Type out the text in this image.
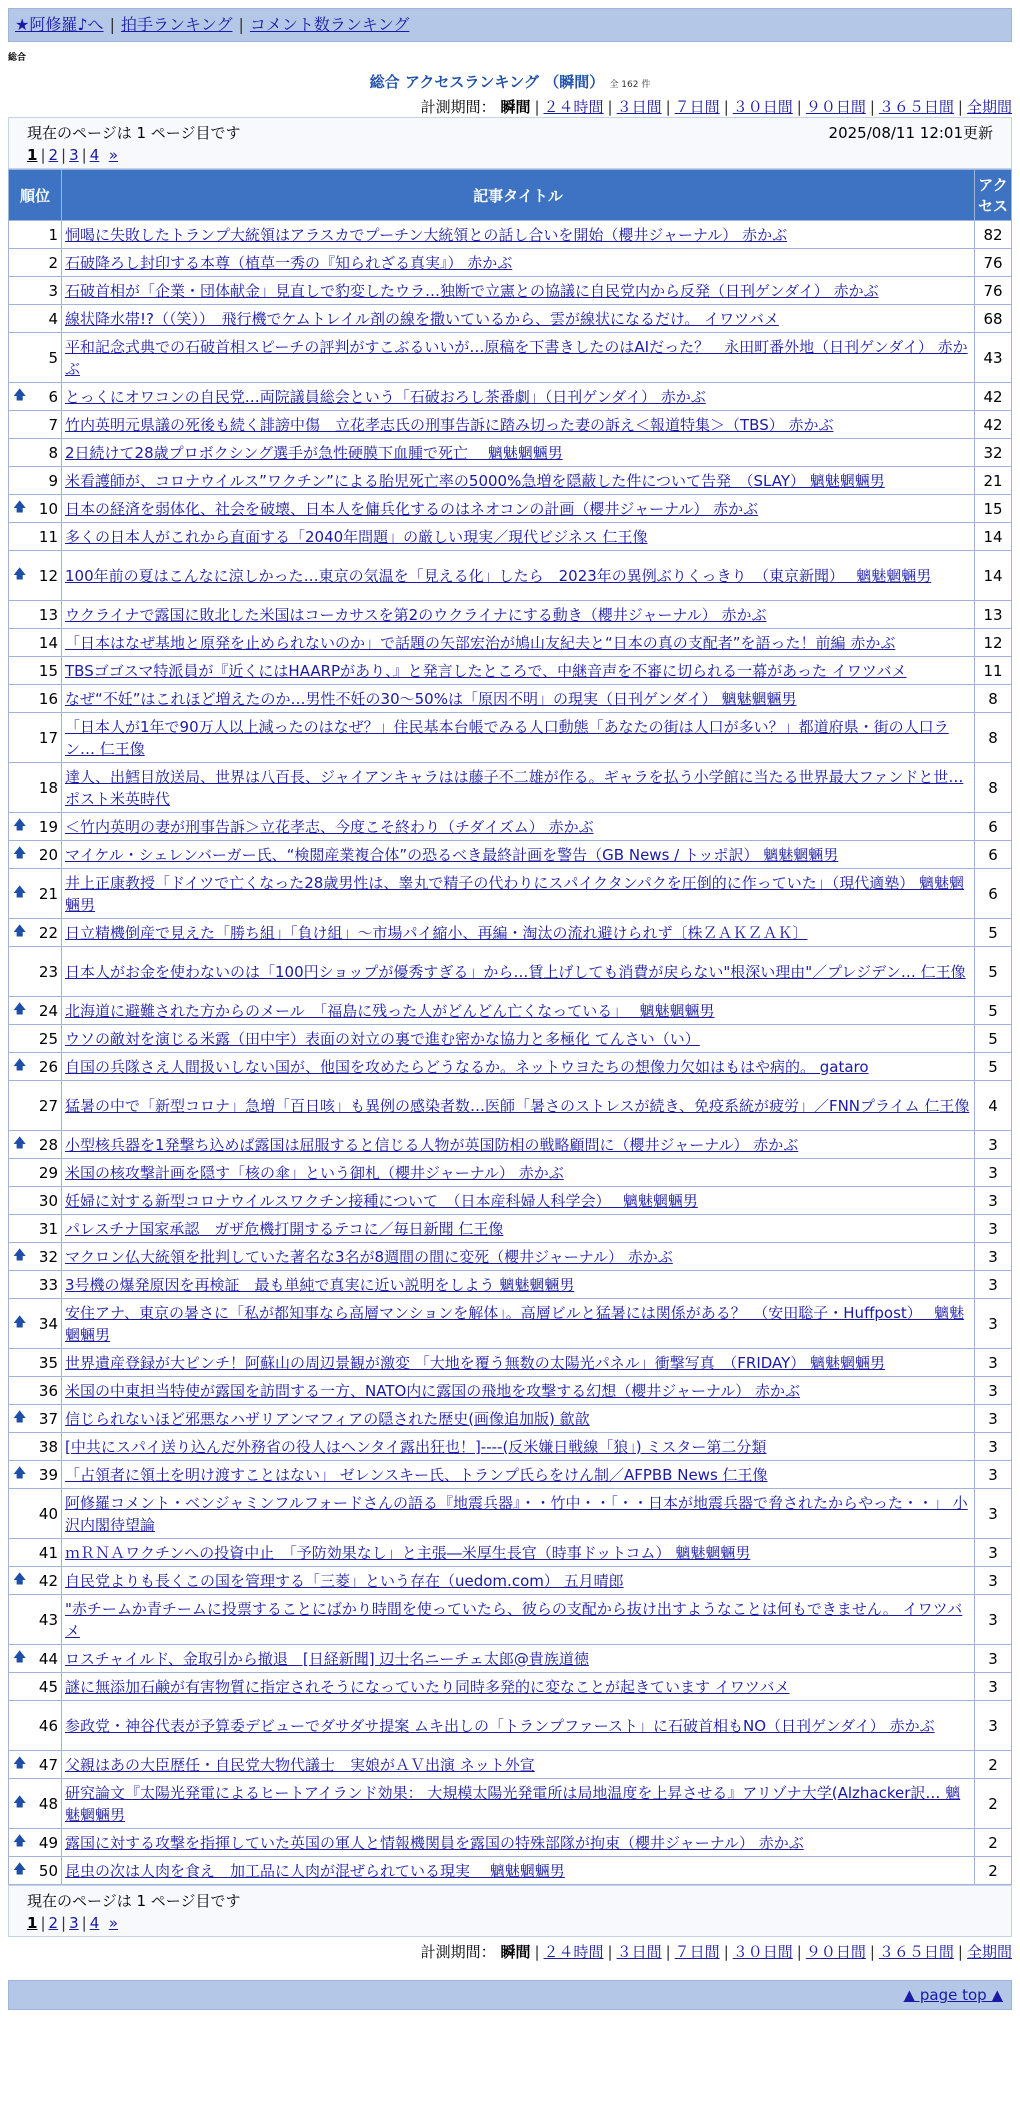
★阿修羅♪へ | 拍手ランキング | コメント数ランキング
総合
総合 アクセスランキング （瞬間） 全 162 件
計測期間： 瞬間 | ２４時間 | ３日間 | ７日間 | ３０日間 | ９０日間 | ３６５日間 | 全期間
現在のページは 1 ページ目です	2025/08/11 12:01更新
1 | 2 | 3 | 4 »
順位	記事タイトル	アクセス
1	恫喝に失敗したトランプ大統領はアラスカでプーチン大統領との話し合いを開始（櫻井ジャーナル） 赤かぶ	82
2	石破降ろし封印する本尊（植草一秀の『知られざる真実』） 赤かぶ	76
3	石破首相が「企業・団体献金」見直しで豹変したウラ…独断で立憲との協議に自民党内から反発（日刊ゲンダイ） 赤かぶ	76
4	線状降水帯!?（（笑））　飛行機でケムトレイル剤の線を撒いているから、雲が線状になるだけ。 イワツバメ	68
5	平和記念式典での石破首相スピーチの評判がすこぶるいいが…原稿を下書きしたのはAIだった？　永田町番外地（日刊ゲンダイ） 赤かぶ	43

🡅 6	とっくにオワコンの自民党…両院議員総会という「石破おろし茶番劇」（日刊ゲンダイ） 赤かぶ	42
7	竹内英明元県議の死後も続く誹謗中傷　立花孝志氏の刑事告訴に踏み切った妻の訴え＜報道特集＞（TBS） 赤かぶ	42
8	2日続けて28歳プロボクシング選手が急性硬膜下血腫で死亡　 魑魅魍魎男	32
9	米看護師が、コロナウイルス”ワクチン”による胎児死亡率の5000%急増を隠蔽した件について告発　（SLAY） 魑魅魍魎男	21

🡅 10	日本の経済を弱体化、社会を破壊、日本人を傭兵化するのはネオコンの計画（櫻井ジャーナル） 赤かぶ	15
11	多くの日本人がこれから直面する「2040年問題」の厳しい現実／現代ビジネス 仁王像	14

🡅 12	100年前の夏はこんなに涼しかった…東京の気温を「見える化」したら　2023年の異例ぶりくっきり　（東京新聞）　 魑魅魍魎男	14
13	ウクライナで露国に敗北した米国はコーカサスを第2のウクライナにする動き（櫻井ジャーナル） 赤かぶ	13
14	「日本はなぜ基地と原発を止められないのか」で話題の矢部宏治が鳩山友紀夫と“日本の真の支配者”を語った！前編 赤かぶ	12
15	TBSゴゴスマ特派員が『近くにはHAARPがあり、』と発言したところで、中継音声を不審に切られる一幕があった イワツバメ	11
16	なぜ“不妊”はこれほど増えたのか…男性不妊の30～50%は「原因不明」の現実（日刊ゲンダイ） 魑魅魍魎男	8
17	「日本人が1年で90万人以上減ったのはなぜ？」住民基本台帳でみる人口動態「あなたの街は人口が多い？」都道府県・街の人口ラン… 仁王像	8
18	達人、出鱈目放送局、世界は八百長、ジャイアンキャラはは藤子不二雄が作る。ギャラを払う小学館に当たる世界最大ファンドと世… ポスト米英時代	8

🡅 19	＜竹内英明の妻が刑事告訴＞立花孝志、今度こそ終わり（チダイズム） 赤かぶ	6

🡅 20	マイケル・シェレンバーガー氏、“検閲産業複合体”の恐るべき最終計画を警告（GB News / トッポ訳） 魑魅魍魎男	6

🡅 21	井上正康教授「ドイツで亡くなった28歳男性は、睾丸で精子の代わりにスパイクタンパクを圧倒的に作っていた」（現代適塾） 魑魅魍魎男	6

🡅 22	日立精機倒産で見えた「勝ち組」「負け組」～市場パイ縮小、再編・淘汰の流れ避けられず〔株ＺＡＫＺＡＫ〕	5
23	日本人がお金を使わないのは「100円ショップが優秀すぎる」から…賃上げしても消費が戻らない"根深い理由"／プレジデン… 仁王像	5

🡅 24	北海道に避難された方からのメール　「福島に残った人がどんどん亡くなっている」　 魑魅魍魎男	5
25	ウソの敵対を演じる米露（田中宇）表面の対立の裏で進む密かな協力と多極化 てんさい（い）	5

🡅 26	自国の兵隊さえ人間扱いしない国が、他国を攻めたらどうなるか。ネットウヨたちの想像力欠如はもはや病的。 gataro	5
27	猛暑の中で「新型コロナ」急増「百日咳」も異例の感染者数…医師「暑さのストレスが続き、免疫系統が疲労」／FNNプライム 仁王像	4

🡅 28	小型核兵器を1発撃ち込めば露国は屈服すると信じる人物が英国防相の戦略顧問に（櫻井ジャーナル） 赤かぶ	3
29	米国の核攻撃計画を隠す「核の傘」という御札（櫻井ジャーナル） 赤かぶ	3
30	妊婦に対する新型コロナウイルスワクチン接種について　（日本産科婦人科学会）　 魑魅魍魎男	3
31	パレスチナ国家承認　ガザ危機打開するテコに／毎日新聞 仁王像	3

🡅 32	マクロン仏大統領を批判していた著名な3名が8週間の間に変死（櫻井ジャーナル） 赤かぶ	3
33	3号機の爆発原因を再検証　最も単純で真実に近い説明をしよう 魑魅魍魎男	3

🡅 34	安住アナ、東京の暑さに「私が都知事なら高層マンションを解体」。高層ビルと猛暑には関係がある？　（安田聡子・Huffpost）　 魑魅魍魎男	3
35	世界遺産登録が大ピンチ！阿蘇山の周辺景観が激変 「大地を覆う無数の太陽光パネル」衝撃写真　（FRIDAY） 魑魅魍魎男	3
36	米国の中東担当特使が露国を訪問する一方、NATO内に露国の飛地を攻撃する幻想（櫻井ジャーナル） 赤かぶ	3

🡅 37	信じられないほど邪悪なハザリアンマフィアの隠された歴史(画像追加版) 歙歆	3
38	[中共にスパイ送り込んだ外務省の役人はヘンタイ露出狂也！]----(反米嫌日戦線「狼」) ミスター第二分類	3

🡅 39	「占領者に領土を明け渡すことはない」 ゼレンスキー氏、トランプ氏らをけん制／AFPBB News 仁王像	3
40	阿修羅コメント・ベンジャミンフルフォードさんの語る『地震兵器』・・竹中・・「・・日本が地震兵器で脅されたからやった・・」 小沢内閣待望論	3
41	ｍＲＮＡワクチンへの投資中止　「予防効果なし」と主張―米厚生長官（時事ドットコム） 魑魅魍魎男	3

🡅 42	自民党よりも長くこの国を管理する「三菱」という存在（uedom.com） 五月晴郎	3
43	"赤チームか青チームに投票することにばかり時間を使っていたら、彼らの支配から抜け出すようなことは何もできません。 イワツバメ	3

🡅 44	ロスチャイルド、金取引から撤退　[日経新聞] 辺士名ニーチェ太郎@貴族道徳	3
45	謎に無添加石鹸が有害物質に指定されそうになっていたり同時多発的に変なことが起きています イワツバメ	3
46	参政党・神谷代表が予算委デビューでダサダサ提案 ムキ出しの「トランプファースト」に石破首相もNO（日刊ゲンダイ） 赤かぶ	3

🡅 47	父親はあの大臣歴任・自民党大物代議士　実娘がＡＶ出演 ネット外宣	2

🡅 48	研究論文『太陽光発電によるヒートアイランド効果： 大規模太陽光発電所は局地温度を上昇させる』アリゾナ大学(Alzhacker訳… 魑魅魍魎男	2

🡅 49	露国に対する攻撃を指揮していた英国の軍人と情報機関員を露国の特殊部隊が拘束（櫻井ジャーナル） 赤かぶ	2

🡅 50	昆虫の次は人肉を食え　加工品に人肉が混ぜられている現実　 魑魅魍魎男	2
現在のページは 1 ページ目です
1 | 2 | 3 | 4 »
計測期間： 瞬間 | ２４時間 | ３日間 | ７日間 | ３０日間 | ９０日間 | ３６５日間 | 全期間
▲ page top ▲
